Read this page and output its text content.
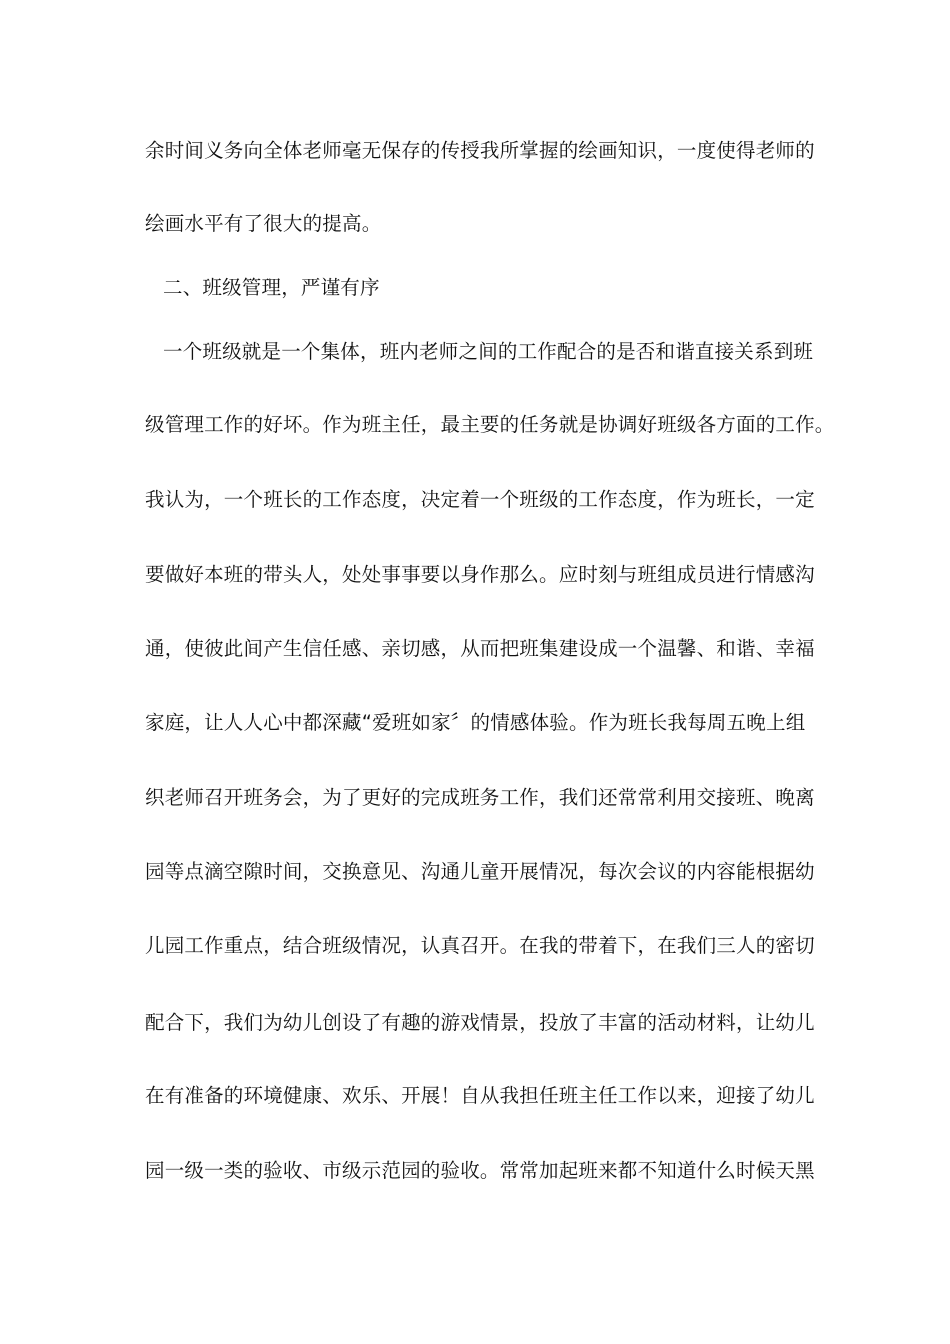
余时间义务向全体老师毫无保存的传授我所掌握的绘画知识，一度使得老师的
绘画水平有了很大的提高。
二、班级管理，严谨有序
一个班级就是一个集体，班内老师之间的工作配合的是否和谐直接关系到班
级管理工作的好坏。作为班主任，最主要的任务就是协调好班级各方面的工作。
我认为，一个班长的工作态度，决定着一个班级的工作态度，作为班长，一定
要做好本班的带头人，处处事事要以身作那么。应时刻与班组成员进行情感沟
通，使彼此间产生信任感、亲切感，从而把班集建设成一个温馨、和谐、幸福
家庭，让人人心中都深藏“爱班如家〞的情感体验。作为班长我每周五晚上组
织老师召开班务会，为了更好的完成班务工作，我们还常常利用交接班、晚离
园等点滴空隙时间，交换意见、沟通儿童开展情况，每次会议的内容能根据幼
儿园工作重点，结合班级情况，认真召开。在我的带着下，在我们三人的密切
配合下，我们为幼儿创设了有趣的游戏情景，投放了丰富的活动材料，让幼儿
在有准备的环境健康、欢乐、开展！自从我担任班主任工作以来，迎接了幼儿
园一级一类的验收、市级示范园的验收。常常加起班来都不知道什么时候天黑
